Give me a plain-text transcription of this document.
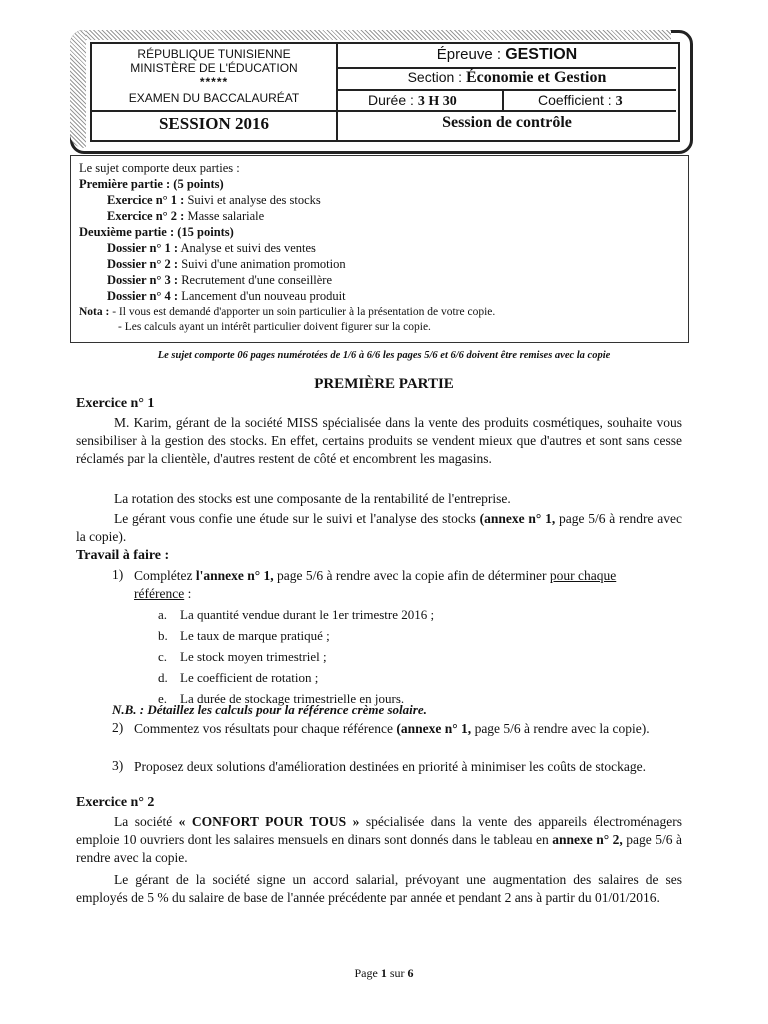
RÉPUBLIQUE TUNISIENNE
MINISTÈRE DE L'ÉDUCATION
*****
EXAMEN DU BACCALAURÉAT
SESSION 2016
Épreuve : GESTION
Section : Économie et Gestion
Durée : 3 H 30	Coefficient : 3
Session de contrôle
Le sujet comporte deux parties :
Première partie : (5 points)
Exercice n° 1 : Suivi et analyse des stocks
Exercice n° 2 : Masse salariale
Deuxième partie : (15 points)
Dossier n° 1 : Analyse et suivi des ventes
Dossier n° 2 : Suivi d'une animation promotion
Dossier n° 3 : Recrutement d'une conseillère
Dossier n° 4 : Lancement d'un nouveau produit
Nota : - Il vous est demandé d'apporter un soin particulier à la présentation de votre copie.
- Les calculs ayant un intérêt particulier doivent figurer sur la copie.
Le sujet comporte 06 pages numérotées de 1/6 à 6/6 les pages 5/6 et 6/6 doivent être remises avec la copie
PREMIÈRE PARTIE
Exercice n° 1

M. Karim, gérant de la société MISS spécialisée dans la vente des produits cosmétiques, souhaite vous sensibiliser à la gestion des stocks. En effet, certains produits se vendent mieux que d'autres et sont sans cesse réclamés par la clientèle, d'autres restent de côté et encombrent les magasins.

La rotation des stocks est une composante de la rentabilité de l'entreprise.

Le gérant vous confie une étude sur le suivi et l'analyse des stocks (annexe n° 1, page 5/6 à rendre avec la copie).

Travail à faire :
1) Complétez l'annexe n° 1, page 5/6 à rendre avec la copie afin de déterminer pour chaque référence :

a. La quantité vendue durant le 1er trimestre 2016 ;
b. Le taux de marque pratiqué ;
c. Le stock moyen trimestriel ;
d. Le coefficient de rotation ;
e. La durée de stockage trimestrielle en jours.
N.B. : Détaillez les calculs pour la référence crème solaire.
2) Commentez vos résultats pour chaque référence (annexe n° 1, page 5/6 à rendre avec la copie).

3) Proposez deux solutions d'amélioration destinées en priorité à minimiser les coûts de stockage.

Exercice n° 2

La société « CONFORT POUR TOUS » spécialisée dans la vente des appareils électroménagers emploie 10 ouvriers dont les salaires mensuels en dinars sont donnés dans le tableau en annexe n° 2, page 5/6 à rendre avec la copie.

Le gérant de la société signe un accord salarial, prévoyant une augmentation des salaires de ses employés de 5 % du salaire de base de l'année précédente par année et pendant 2 ans à partir du 01/01/2016.

Page 1 sur 6
